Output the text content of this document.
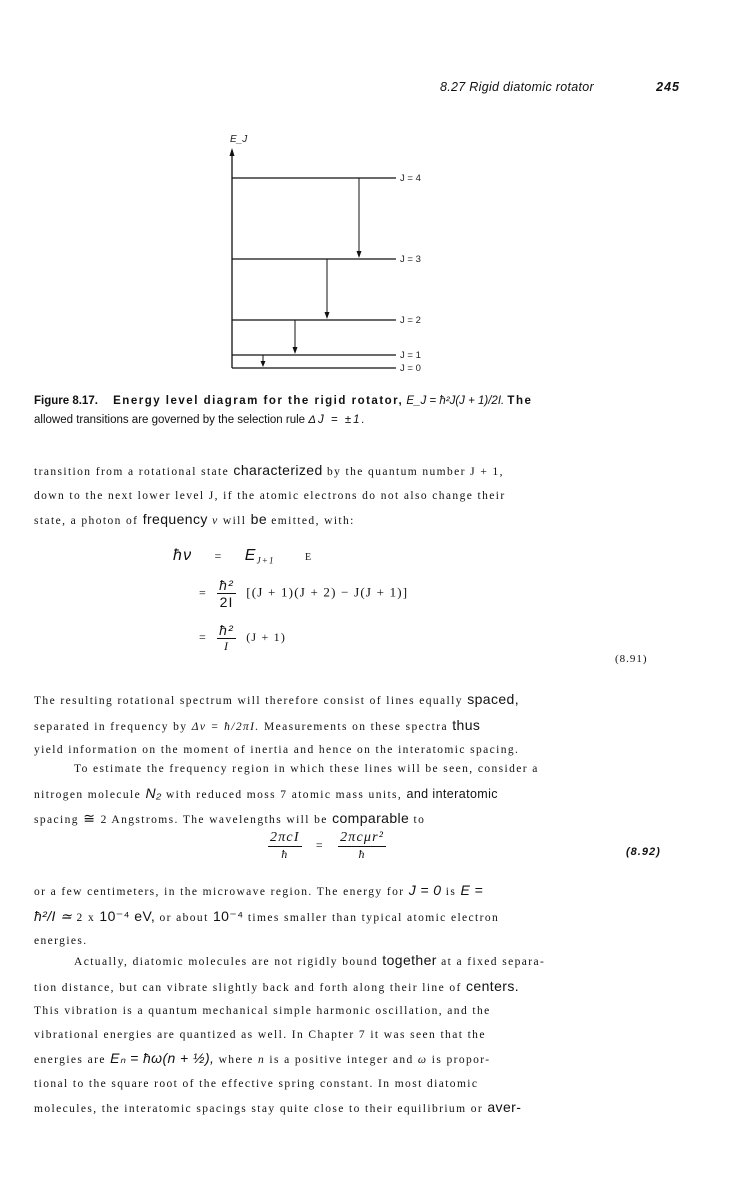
8.27 Rigid diatomic rotator	245
E_J
J = 4
J = 3
J = 2
J = 1
J = 0
Figure 8.17. Energy level diagram for the rigid rotator, E_J = ħ²J(J + 1)/2I. The
allowed transitions are governed by the selection rule ΔJ = ±1.

transition from a rotational state characterized by the quantum number J + 1,

down to the next lower level J, if the atomic electrons do not also change their

state, a photon of frequency ν will be emitted, with:

ħν = $E_{J+1}$	E
= $\frac{\text{ħ²}}{2I} [(J + 1)(J + 2) - J(J + 1)]$
= $\frac{\text{ħ²}}{I} (J + 1)$
(8.91)

The resulting rotational spectrum will therefore consist of lines equally spaced,

separated in frequency by Δν = ħ/2πI. Measurements on these spectra thus

yield information on the moment of inertia and hence on the interatomic spacing.

To estimate the frequency region in which these lines will be seen, consider a

nitrogen molecule N₂ with reduced moss 7 atomic mass units, and interatomic

spacing ≅ 2 Angstroms. The wavelengths will be comparable to

$\frac{\text{2πcI}}{ħ} = \frac{\text{2πcμr²}}{ħ}$	(8.92)

or a few centimeters, in the microwave region. The energy for J = 0 is E =

ħ²/I ≃ 2 x 10⁻⁴ eV, or about 10⁻⁴ times smaller than typical atomic electron

energies.

Actually, diatomic molecules are not rigidly bound together at a fixed separa-

tion distance, but can vibrate slightly back and forth along their line of centers.

This vibration is a quantum mechanical simple harmonic oscillation, and the

vibrational energies are quantized as well. In Chapter 7 it was seen that the

energies are Eₙ = ħω(n + ½), where n is a positive integer and ω is propor-

tional to the square root of the effective spring constant. In most diatomic

molecules, the interatomic spacings stay quite close to their equilibrium or aver-
